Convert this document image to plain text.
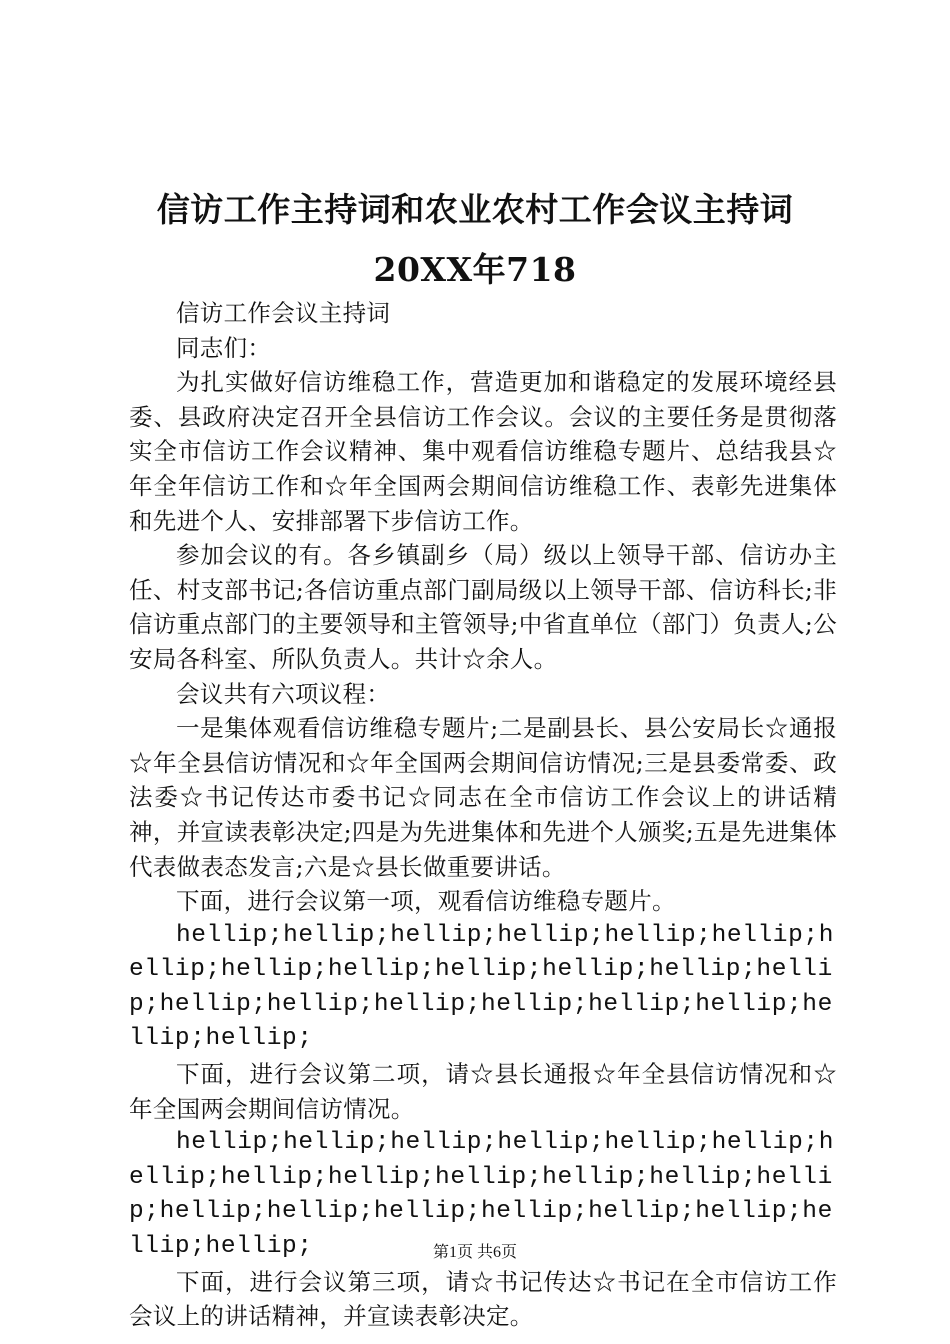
信访工作主持词和农业农村工作会议主持词
20XX年718

信访工作会议主持词

同志们：

为扎实做好信访维稳工作，营造更加和谐稳定的发展环境经县委、县政府决定召开全县信访工作会议。会议的主要任务是贯彻落实全市信访工作会议精神、集中观看信访维稳专题片、总结我县☆年全年信访工作和☆年全国两会期间信访维稳工作、表彰先进集体和先进个人、安排部署下步信访工作。

参加会议的有。各乡镇副乡（局）级以上领导干部、信访办主任、村支部书记;各信访重点部门副局级以上领导干部、信访科长;非信访重点部门的主要领导和主管领导;中省直单位（部门）负责人;公安局各科室、所队负责人。共计☆余人。

会议共有六项议程：

一是集体观看信访维稳专题片;二是副县长、县公安局长☆通报☆年全县信访情况和☆年全国两会期间信访情况;三是县委常委、政法委☆书记传达市委书记☆同志在全市信访工作会议上的讲话精神，并宣读表彰决定;四是为先进集体和先进个人颁奖;五是先进集体代表做表态发言;六是☆县长做重要讲话。

下面，进行会议第一项，观看信访维稳专题片。

hellip;hellip;hellip;hellip;hellip;hellip;hellip;hellip;hellip;hellip;hellip;hellip;hellip;hellip;hellip;hellip;hellip;hellip;hellip;hellip;hellip;

下面，进行会议第二项，请☆县长通报☆年全县信访情况和☆年全国两会期间信访情况。

hellip;hellip;hellip;hellip;hellip;hellip;hellip;hellip;hellip;hellip;hellip;hellip;hellip;hellip;hellip;hellip;hellip;hellip;hellip;hellip;hellip;

下面，进行会议第三项，请☆书记传达☆书记在全市信访工作会议上的讲话精神，并宣读表彰决定。

第1页 共6页
